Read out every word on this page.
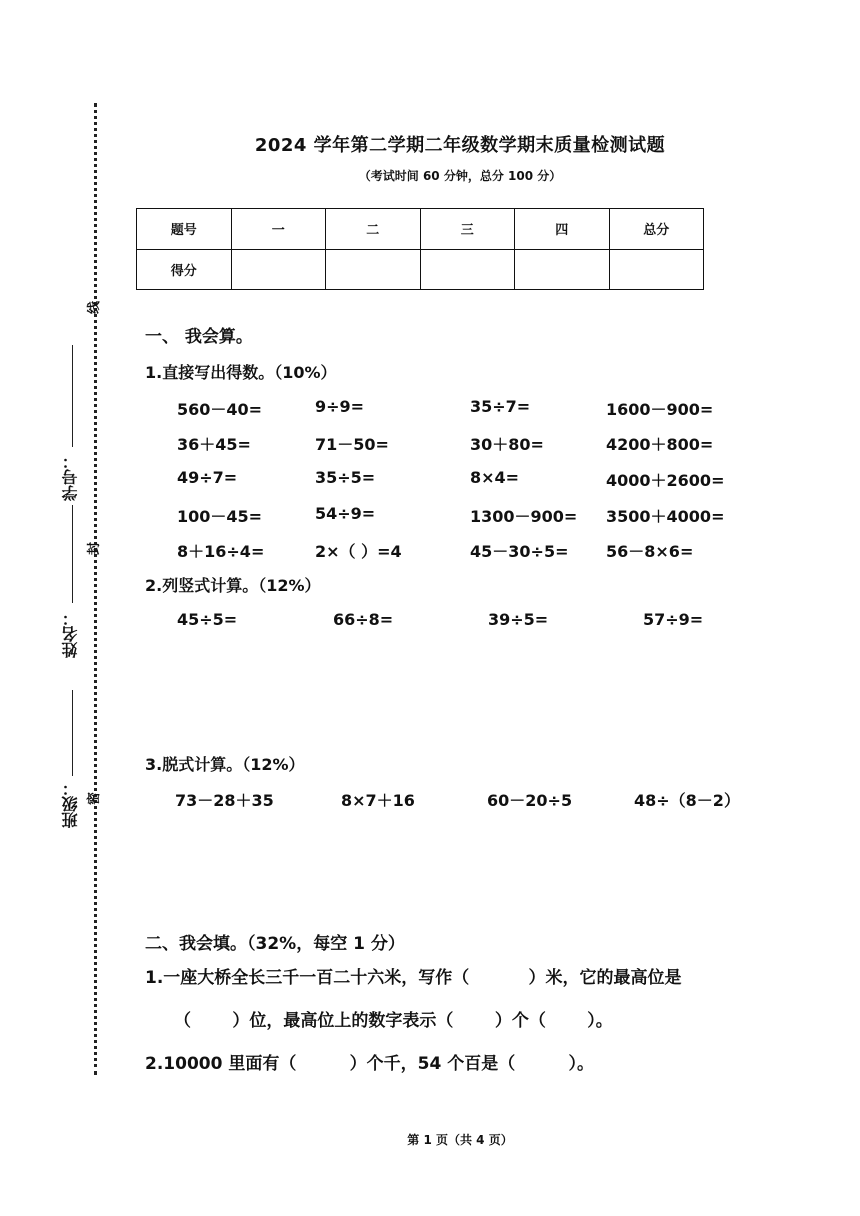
班级：
姓名：
学号：
密
封
线
2024 学年第二学期二年级数学期末质量检测试题
（考试时间 60 分钟，总分 100 分）
题号	一	二	三	四	总分
得分					
一、 我会算。
1.直接写出得数。（10%）
560－40=	9÷9=	35÷7=	1600－900=
36＋45=	71－50=	30＋80=	4200＋800=
49÷7=	35÷5=	8×4=	4000＋2600=
100－45=	54÷9=	1300－900= 3500＋4000=
8＋16÷4=	2×（ ）=4	45－30÷5= 56－8×6=
2.列竖式计算。（12%）
45÷5=	66÷8=	39÷5=	57÷9=
3.脱式计算。（12%）
73－28＋35	8×7＋16	60－20÷5	48÷（8－2）
二、我会填。（32%，每空 1 分）
1.一座大桥全长三千一百二十六米，写作（          ）米，它的最高位是
（       ）位，最高位上的数字表示（       ）个（       ）。
2.10000 里面有（         ）个千，54 个百是（         ）。
第 1 页（共 4 页）
